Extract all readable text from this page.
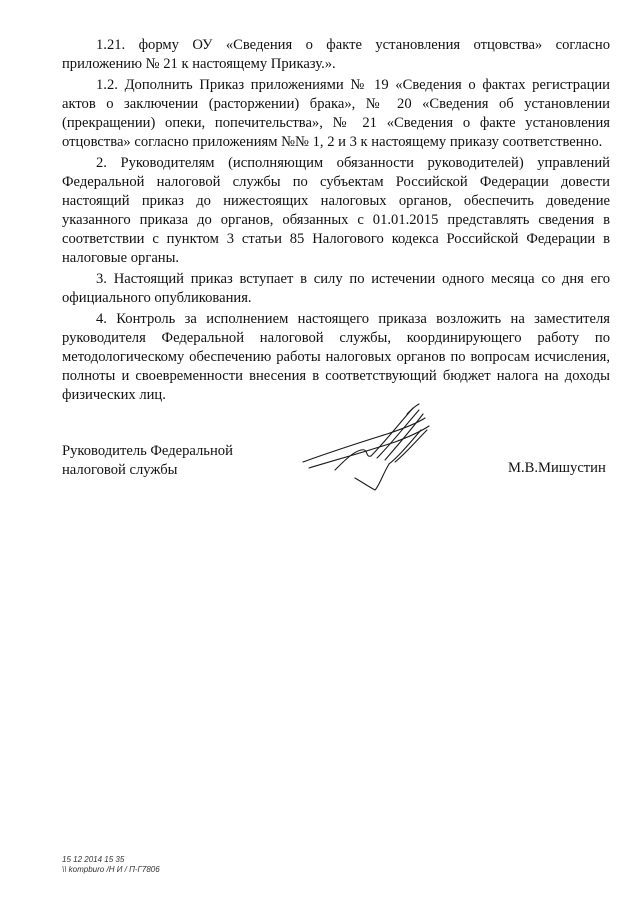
1.21. форму ОУ «Сведения о факте установления отцовства» согласно приложению № 21 к настоящему Приказу.».

1.2. Дополнить Приказ приложениями № 19 «Сведения о фактах регистрации актов о заключении (расторжении) брака», № 20 «Сведения об установлении (прекращении) опеки, попечительства», № 21 «Сведения о факте установления отцовства» согласно приложениям №№ 1, 2 и 3 к настоящему приказу соответственно.

2. Руководителям (исполняющим обязанности руководителей) управлений Федеральной налоговой службы по субъектам Российской Федерации довести настоящий приказ до нижестоящих налоговых органов, обеспечить доведение указанного приказа до органов, обязанных с 01.01.2015 представлять сведения в соответствии с пунктом 3 статьи 85 Налогового кодекса Российской Федерации в налоговые органы.

3. Настоящий приказ вступает в силу по истечении одного месяца со дня его официального опубликования.

4. Контроль за исполнением настоящего приказа возложить на заместителя руководителя Федеральной налоговой службы, координирующего работу по методологическому обеспечению работы налоговых органов по вопросам исчисления, полноты и своевременности внесения в соответствующий бюджет налога на доходы физических лиц.

Руководитель Федеральной
налоговой службы	М.В.Мишустин
15 12 2014 15 35
\\ kompburo /Н И / П-Г7806
